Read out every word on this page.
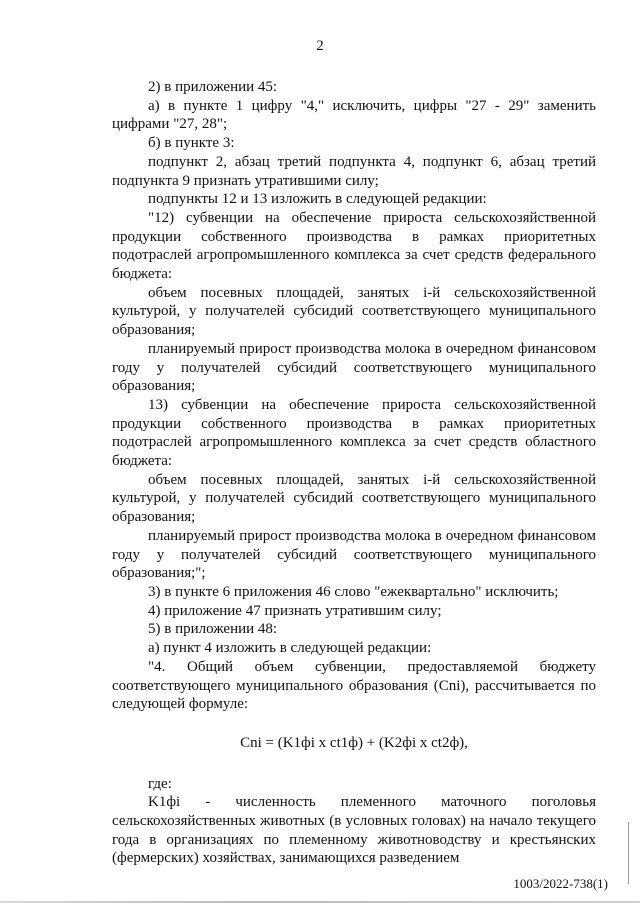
2

2) в приложении 45:

а) в пункте 1 цифру "4," исключить, цифры "27 - 29" заменить цифрами "27, 28";

б) в пункте 3:

подпункт 2, абзац третий подпункта 4, подпункт 6, абзац третий подпункта 9 признать утратившими силу;

подпункты 12 и 13 изложить в следующей редакции:

"12) субвенции на обеспечение прироста сельскохозяйственной продукции собственного производства в рамках приоритетных подотраслей агропромышленного комплекса за счет средств федерального бюджета:

объем посевных площадей, занятых i-й сельскохозяйственной культурой, у получателей субсидий соответствующего муниципального образования;

планируемый прирост производства молока в очередном финансовом году у получателей субсидий соответствующего муниципального образования;

13) субвенции на обеспечение прироста сельскохозяйственной продукции собственного производства в рамках приоритетных подотраслей агропромышленного комплекса за счет средств областного бюджета:

объем посевных площадей, занятых i-й сельскохозяйственной культурой, у получателей субсидий соответствующего муниципального образования;

планируемый прирост производства молока в очередном финансовом году у получателей субсидий соответствующего муниципального образования;";

3) в пункте 6 приложения 46 слово "ежеквартально" исключить;

4) приложение 47 признать утратившим силу;

5) в приложении 48:

а) пункт 4 изложить в следующей редакции:

"4. Общий объем субвенции, предоставляемой бюджету соответствующего муниципального образования (Cni), рассчитывается по следующей формуле:

Cni = (K1фi x ct1ф) + (K2фi x ct2ф),

где:

K1фi - численность племенного маточного поголовья сельскохозяйственных животных (в условных головах) на начало текущего года в организациях по племенному животноводству и крестьянских (фермерских) хозяйствах, занимающихся разведением

1003/2022-738(1)
